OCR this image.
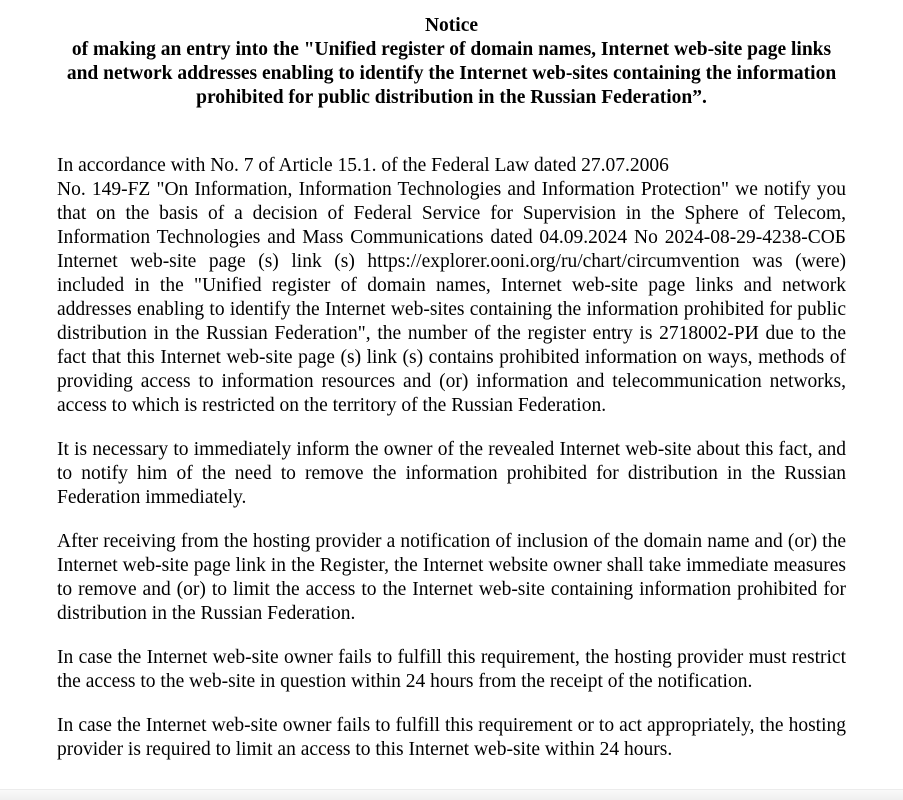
Notice
of making an entry into the "Unified register of domain names, Internet web-site page links and network addresses enabling to identify the Internet web-sites containing the information prohibited for public distribution in the Russian Federation”.

In accordance with No. 7 of Article 15.1. of the Federal Law dated 27.07.2006
No. 149-FZ "On Information, Information Technologies and Information Protection" we notify you that on the basis of a decision of Federal Service for Supervision in the Sphere of Telecom, Information Technologies and Mass Communications dated 04.09.2024 No 2024-08-29-4238-СОБ Internet web-site page (s) link (s) https://explorer.ooni.org/ru/chart/circumvention was (were) included in the "Unified register of domain names, Internet web-site page links and network addresses enabling to identify the Internet web-sites containing the information prohibited for public distribution in the Russian Federation", the number of the register entry is 2718002-РИ due to the fact that this Internet web-site page (s) link (s) contains prohibited information on ways, methods of providing access to information resources and (or) information and telecommunication networks, access to which is restricted on the territory of the Russian Federation.

It is necessary to immediately inform the owner of the revealed Internet web-site about this fact, and to notify him of the need to remove the information prohibited for distribution in the Russian Federation immediately.

After receiving from the hosting provider a notification of inclusion of the domain name and (or) the Internet web-site page link in the Register, the Internet website owner shall take immediate measures to remove and (or) to limit the access to the Internet web-site containing information prohibited for distribution in the Russian Federation.

In case the Internet web-site owner fails to fulfill this requirement, the hosting provider must restrict the access to the web-site in question within 24 hours from the receipt of the notification.

In case the Internet web-site owner fails to fulfill this requirement or to act appropriately, the hosting provider is required to limit an access to this Internet web-site within 24 hours.
